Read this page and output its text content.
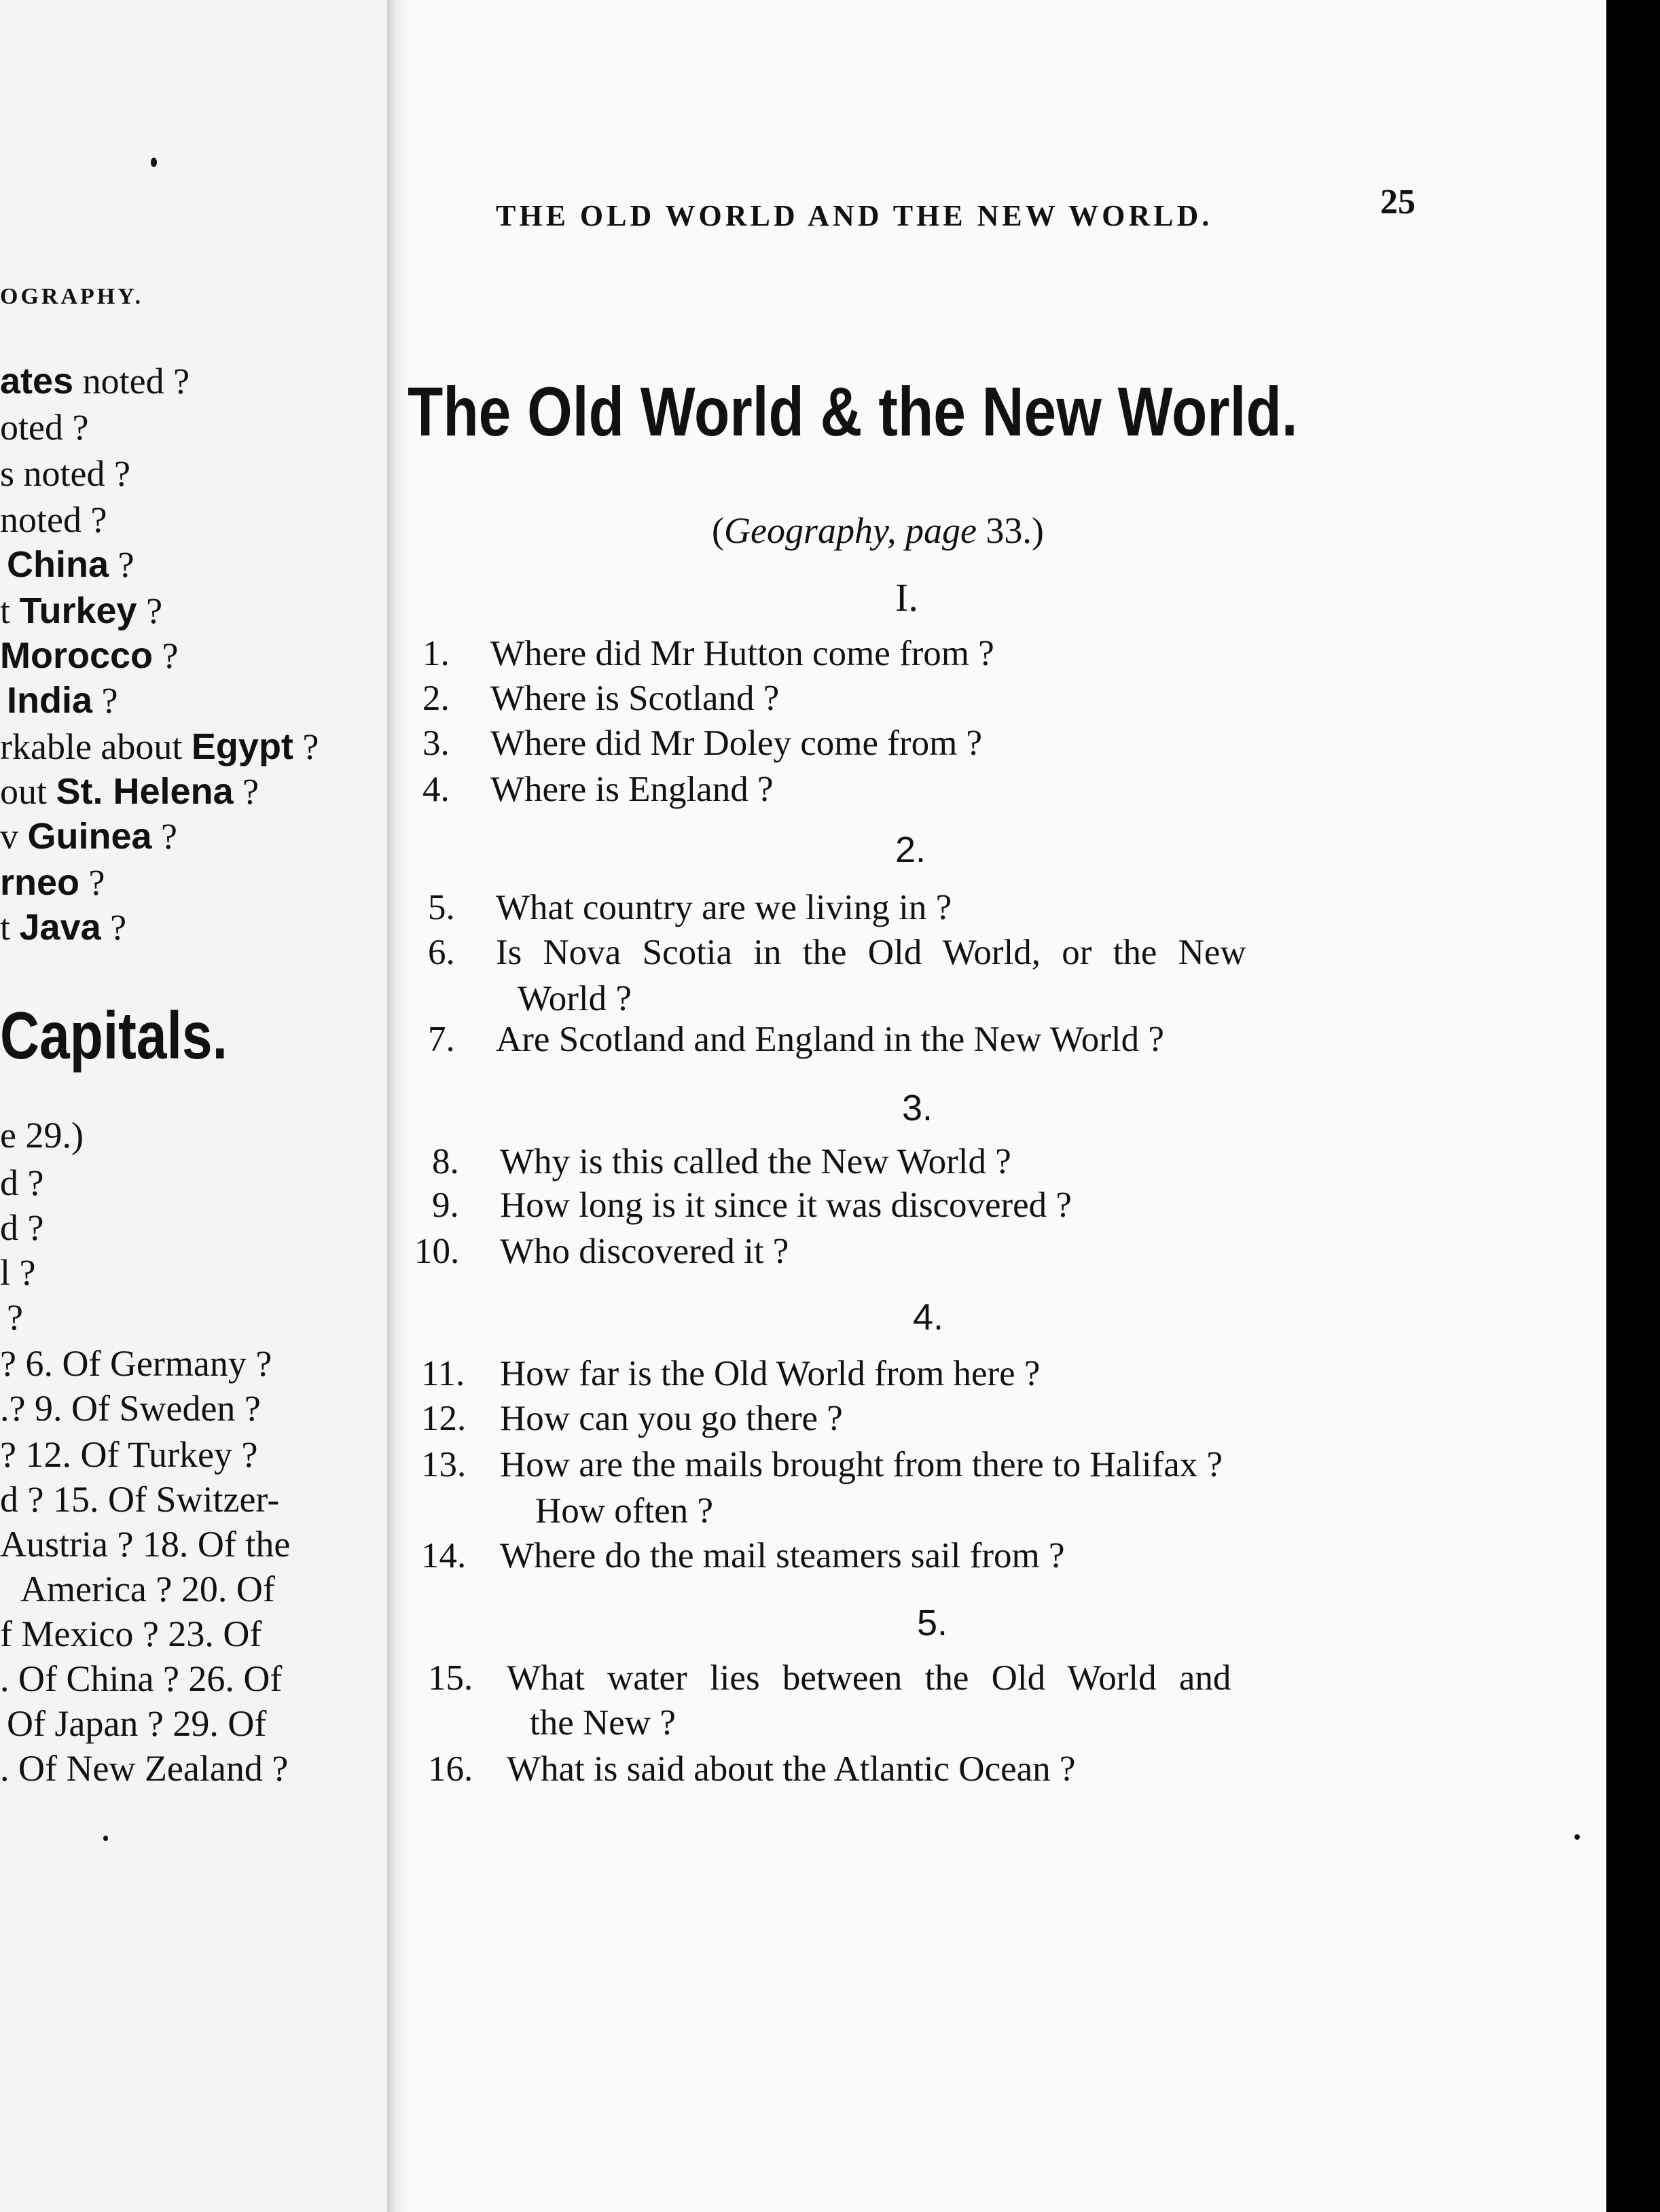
OGRAPHY.
ates noted ?
oted ?
s noted ?
noted ?
China ?
t Turkey ?
Morocco ?
India ?
rkable about Egypt ?
out St. Helena ?
v Guinea ?
rneo ?
t Java ?
Capitals.
e 29.)
d ?
d ?
l ?
?
? 6. Of Germany ?
.? 9. Of Sweden ?
? 12. Of Turkey ?
d ? 15. Of Switzer-
Austria ? 18. Of the
America ? 20. Of
f Mexico ? 23. Of
. Of China ? 26. Of
Of Japan ? 29. Of
. Of New Zealand ?
THE OLD WORLD AND THE NEW WORLD.	25
The Old World & the New World.
(Geography, page 33.)
I.
1. Where did Mr Hutton come from ?
2. Where is Scotland ?
3. Where did Mr Doley come from ?
4. Where is England ?
2.
5. What country are we living in ?
6. Is Nova Scotia in the Old World, or the New
World ?
7. Are Scotland and England in the New World ?
3.
8. Why is this called the New World ?
9. How long is it since it was discovered ?
10. Who discovered it ?
4.
11. How far is the Old World from here ?
12. How can you go there ?
13. How are the mails brought from there to Halifax ?
How often ?
14. Where do the mail steamers sail from ?
5.
15. What water lies between the Old World and
the New ?
16. What is said about the Atlantic Ocean ?
